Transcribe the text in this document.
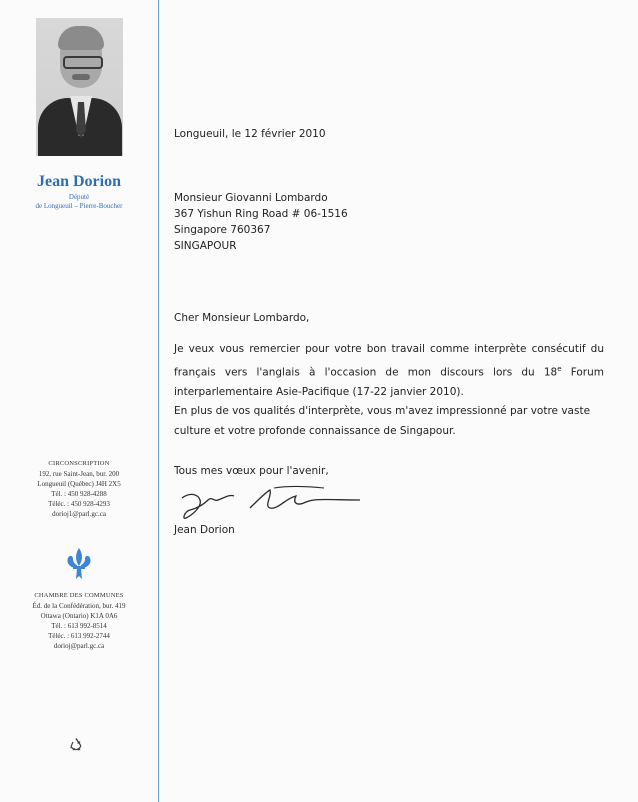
Jean Dorion
Député
de Longueuil – Pierre-Boucher
CIRCONSCRIPTION
192, rue Saint-Jean, bur. 200
Longueuil (Québec) J4H 2X5
Tél. : 450 928-4288
Téléc. : 450 928-4293
dorioj1@parl.gc.ca
CHAMBRE DES COMMUNES
Éd. de la Confédération, bur. 419
Ottawa (Ontario) K1A 0A6
Tél. : 613 992-8514
Téléc. : 613 992-2744
dorioj@parl.gc.ca
Longueuil, le 12 février 2010
Monsieur Giovanni Lombardo
367 Yishun Ring Road # 06-1516
Singapore 760367
SINGAPOUR
Cher Monsieur Lombardo,
Je veux vous remercier pour votre bon travail comme interprète consécutif du français vers l'anglais à l'occasion de mon discours lors du 18e Forum interparlementaire Asie-Pacifique (17-22 janvier 2010).
En plus de vos qualités d'interprète, vous m'avez impressionné par votre vaste culture et votre profonde connaissance de Singapour.
Tous mes vœux pour l'avenir,
Jean Dorion
